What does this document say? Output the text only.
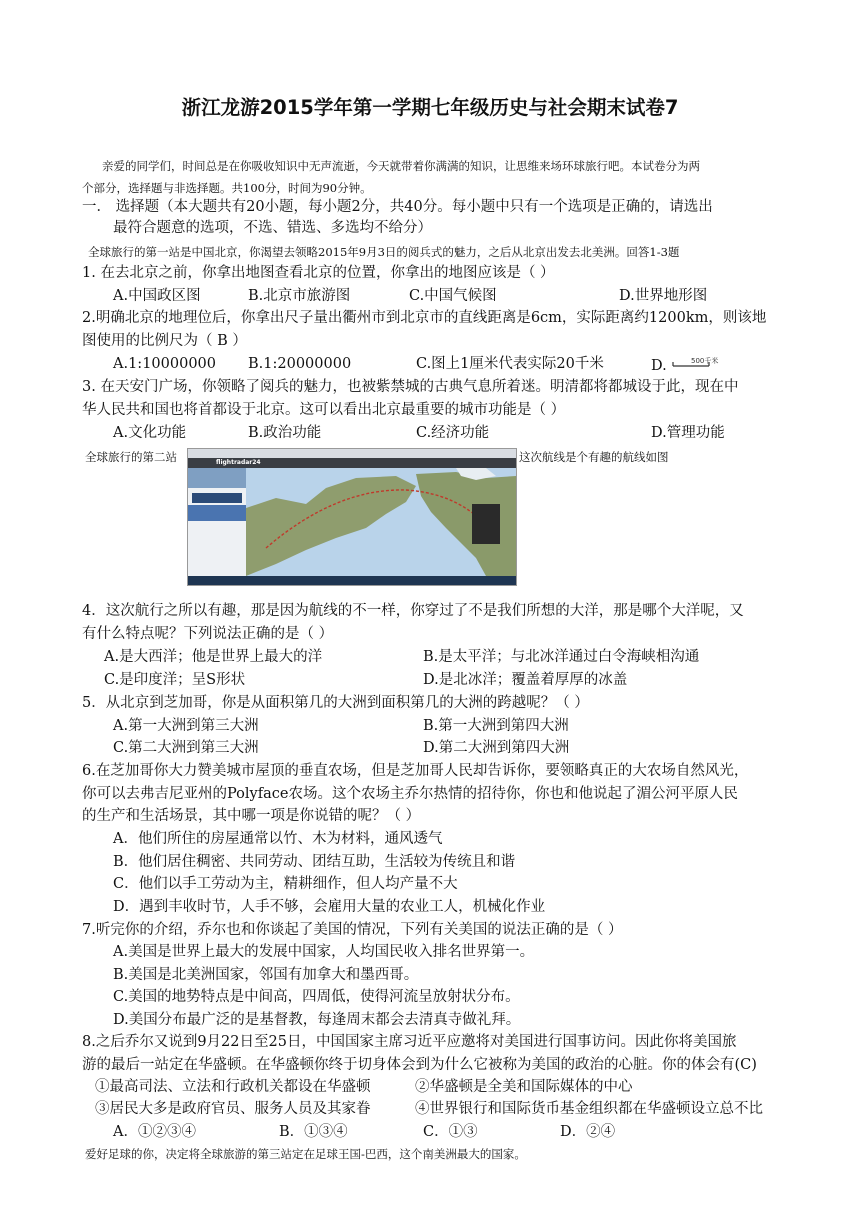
浙江龙游2015学年第一学期七年级历史与社会期末试卷7
亲爱的同学们，时间总是在你吸收知识中无声流逝，今天就带着你满满的知识，让思维来场环球旅行吧。本试卷分为两
个部分，选择题与非选择题。共100分，时间为90分钟。
一． 选择题（本大题共有20小题，每小题2分，共40分。每小题中只有一个选项是正确的，请选出
最符合题意的选项，不选、错选、多选均不给分）
全球旅行的第一站是中国北京，你渴望去领略2015年9月3日的阅兵式的魅力，之后从北京出发去北美洲。回答1-3题
1. 在去北京之前，你拿出地图查看北京的位置，你拿出的地图应该是（ ）
A.中国政区图	B.北京市旅游图	C.中国气候图	D.世界地形图
2.明确北京的地理位后，你拿出尺子量出衢州市到北京市的直线距离是6cm，实际距离约1200km，则该地
图使用的比例尺为（ B ）
A.1:10000000 B.1:20000000	C.图上1厘米代表实际20千米	D.	500千米
3. 在天安门广场，你领略了阅兵的魅力，也被紫禁城的古典气息所着迷。明清都将都城设于此，现在中
华人民共和国也将首都设于北京。这可以看出北京最重要的城市功能是（ ）
A.文化功能	B.政治功能	C.经济功能	D.管理功能
全球旅行的第二站	这次航线是个有趣的航线如图
flightradar24
4．这次航行之所以有趣，那是因为航线的不一样，你穿过了不是我们所想的大洋，那是哪个大洋呢，又
有什么特点呢？下列说法正确的是（ ）
A.是大西洋；他是世界上最大的洋	B.是太平洋；与北冰洋通过白令海峡相沟通
C.是印度洋；呈S形状	D.是北冰洋；覆盖着厚厚的冰盖
5．从北京到芝加哥，你是从面积第几的大洲到面积第几的大洲的跨越呢？（ ）
A.第一大洲到第三大洲	B.第一大洲到第四大洲
C.第二大洲到第三大洲	D.第二大洲到第四大洲
6.在芝加哥你大力赞美城市屋顶的垂直农场，但是芝加哥人民却告诉你，要领略真正的大农场自然风光，
你可以去弗吉尼亚州的Polyface农场。这个农场主乔尔热情的招待你，你也和他说起了湄公河平原人民
的生产和生活场景，其中哪一项是你说错的呢？（ ）
A．他们所住的房屋通常以竹、木为材料，通风透气
B．他们居住稠密、共同劳动、团结互助，生活较为传统且和谐
C．他们以手工劳动为主，精耕细作，但人均产量不大
D．遇到丰收时节，人手不够，会雇用大量的农业工人，机械化作业
7.听完你的介绍，乔尔也和你谈起了美国的情况，下列有关美国的说法正确的是（ ）
A.美国是世界上最大的发展中国家，人均国民收入排名世界第一。
B.美国是北美洲国家，邻国有加拿大和墨西哥。
C.美国的地势特点是中间高，四周低，使得河流呈放射状分布。
D.美国分布最广泛的是基督教，每逢周末都会去清真寺做礼拜。
8.之后乔尔又说到9月22日至25日，中国国家主席习近平应邀将对美国进行国事访问。因此你将美国旅
游的最后一站定在华盛顿。在华盛顿你终于切身体会到为什么它被称为美国的政治的心脏。你的体会有(C)
①最高司法、立法和行政机关都设在华盛顿	②华盛顿是全美和国际媒体的中心
③居民大多是政府官员、服务人员及其家眷	④世界银行和国际货币基金组织都在华盛顿设立总不比
A．①②③④	B．①③④	C．①③	D．②④
爱好足球的你，决定将全球旅游的第三站定在足球王国-巴西，这个南美洲最大的国家。
